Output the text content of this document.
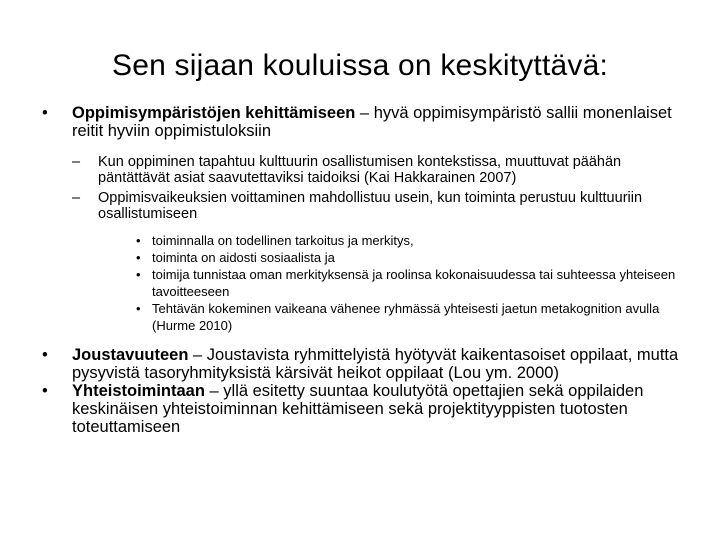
Sen sijaan kouluissa on keskityttävä:
• Oppimisympäristöjen kehittämiseen – hyvä oppimisympäristö sallii monenlaiset reitit hyviin oppimistuloksiin
– Kun oppiminen tapahtuu kulttuurin osallistumisen kontekstissa, muuttuvat päähän päntättävät asiat saavutettaviksi taidoiksi (Kai Hakkarainen 2007)
– Oppimisvaikeuksien voittaminen mahdollistuu usein, kun toiminta perustuu kulttuuriin osallistumiseen
• toiminnalla on todellinen tarkoitus ja merkitys,
• toiminta on aidosti sosiaalista ja
• toimija tunnistaa oman merkityksensä ja roolinsa kokonaisuudessa tai suhteessa yhteiseen tavoitteeseen
• Tehtävän kokeminen vaikeana vähenee ryhmässä yhteisesti jaetun metakognition avulla (Hurme 2010)
• Joustavuuteen – Joustavista ryhmittelyistä hyötyvät kaikentasoiset oppilaat, mutta pysyvistä tasoryhmityksistä kärsivät heikot oppilaat (Lou ym. 2000)
• Yhteistoimintaan – yllä esitetty suuntaa koulutyötä opettajien sekä oppilaiden keskinäisen yhteistoiminnan kehittämiseen sekä projektityyppisten tuotosten toteuttamiseen
